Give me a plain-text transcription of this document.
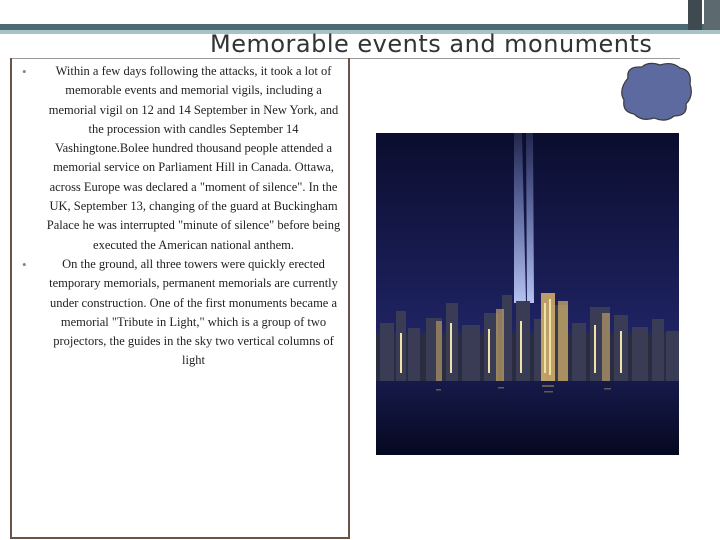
Memorable events and monuments
• Within a few days following the attacks, it took a lot of memorable events and memorial vigils, including a memorial vigil on 12 and 14 September in New York, and the procession with candles September 14 Vashingtone.Bolee hundred thousand people attended a memorial service on Parliament Hill in Canada. Ottawa, across Europe was declared a "moment of silence". In the UK, September 13, changing of the guard at Buckingham Palace he was interrupted "minute of silence" before being executed the American national anthem.
•	On the ground, all three towers were quickly erected temporary memorials, permanent memorials are currently under construction. One of the first monuments became a memorial "Tribute in Light," which is a group of two projectors, the guides in the sky two vertical columns of light
